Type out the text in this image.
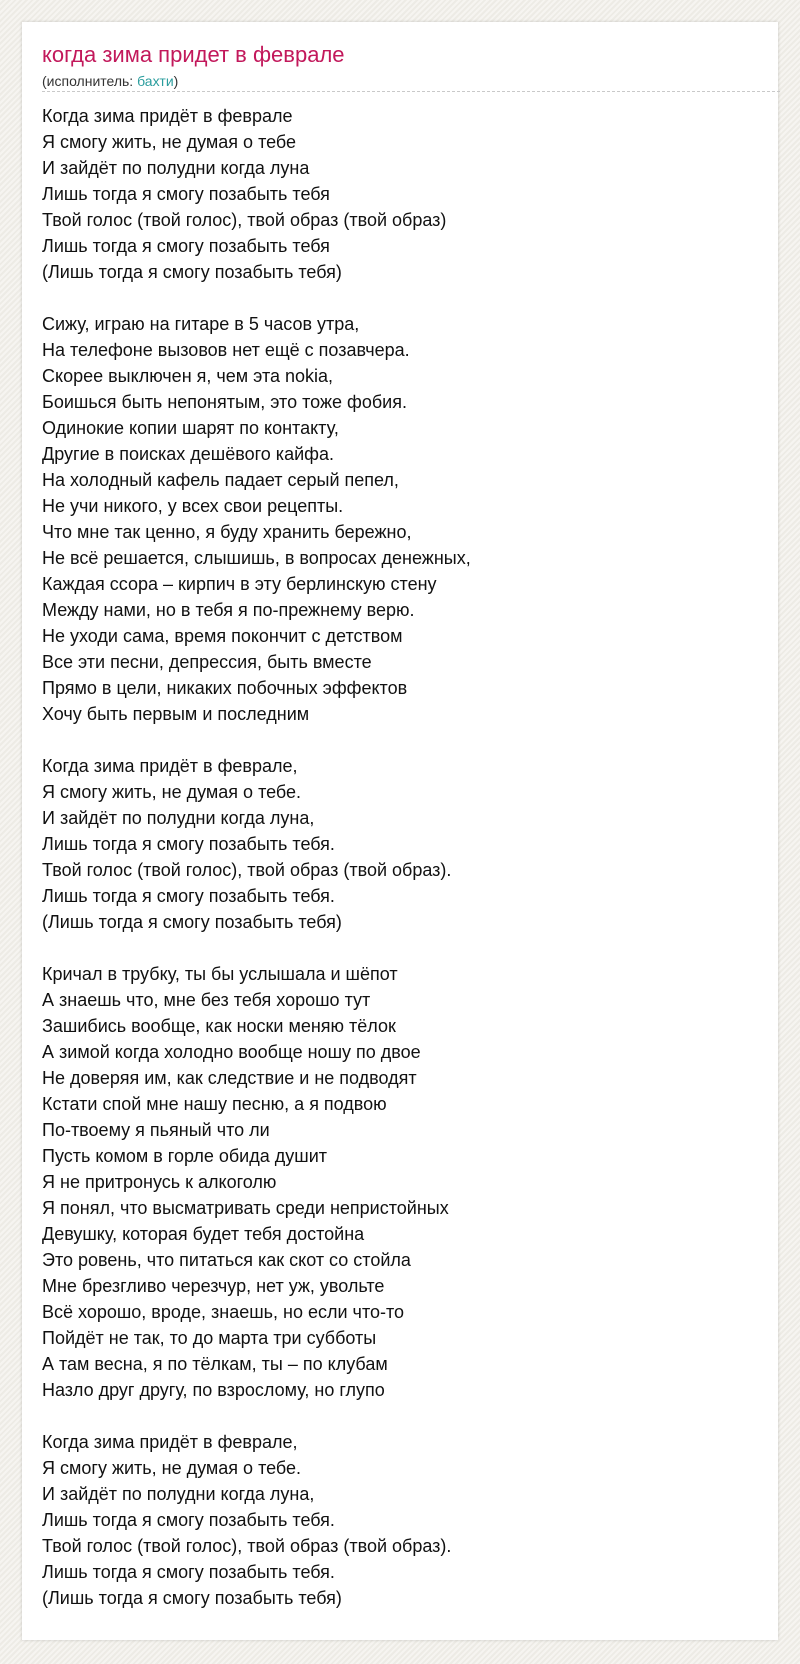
когда зима придет в феврале
(исполнитель: бахти)
Когда зима придёт в феврале
Я смогу жить, не думая о тебе
И зайдёт по полудни когда луна
Лишь тогда я смогу позабыть тебя
Твой голос (твой голос), твой образ (твой образ)
Лишь тогда я смогу позабыть тебя
(Лишь тогда я смогу позабыть тебя)
Сижу, играю на гитаре в 5 часов утра,
На телефоне вызовов нет ещё с позавчера.
Скорее выключен я, чем эта nokia,
Боишься быть непонятым, это тоже фобия.
Одинокие копии шарят по контакту,
Другие в поисках дешёвого кайфа.
На холодный кафель падает серый пепел,
Не учи никого, у всех свои рецепты.
Что мне так ценно, я буду хранить бережно,
Не всё решается, слышишь, в вопросах денежных,
Каждая ссора – кирпич в эту берлинскую стену
Между нами, но в тебя я по-прежнему верю.
Не уходи сама, время покончит с детством
Все эти песни, депрессия, быть вместе
Прямо в цели, никаких побочных эффектов
Хочу быть первым и последним
Когда зима придёт в феврале,
Я смогу жить, не думая о тебе.
И зайдёт по полудни когда луна,
Лишь тогда я смогу позабыть тебя.
Твой голос (твой голос), твой образ (твой образ).
Лишь тогда я смогу позабыть тебя.
(Лишь тогда я смогу позабыть тебя)
Кричал в трубку, ты бы услышала и шёпот
А знаешь что, мне без тебя хорошо тут
Зашибись вообще, как носки меняю тёлок
А зимой когда холодно вообще ношу по двое
Не доверяя им, как следствие и не подводят
Кстати спой мне нашу песню, а я подвою
По-твоему я пьяный что ли
Пусть комом в горле обида душит
Я не притронусь к алкоголю
Я понял, что высматривать среди непристойных
Девушку, которая будет тебя достойна
Это ровень, что питаться как скот со стойла
Мне брезгливо черезчур, нет уж, увольте
Всё хорошо, вроде, знаешь, но если что-то
Пойдёт не так, то до марта три субботы
А там весна, я по тёлкам, ты – по клубам
Назло друг другу, по взрослому, но глупо
Когда зима придёт в феврале,
Я смогу жить, не думая о тебе.
И зайдёт по полудни когда луна,
Лишь тогда я смогу позабыть тебя.
Твой голос (твой голос), твой образ (твой образ).
Лишь тогда я смогу позабыть тебя.
(Лишь тогда я смогу позабыть тебя)
